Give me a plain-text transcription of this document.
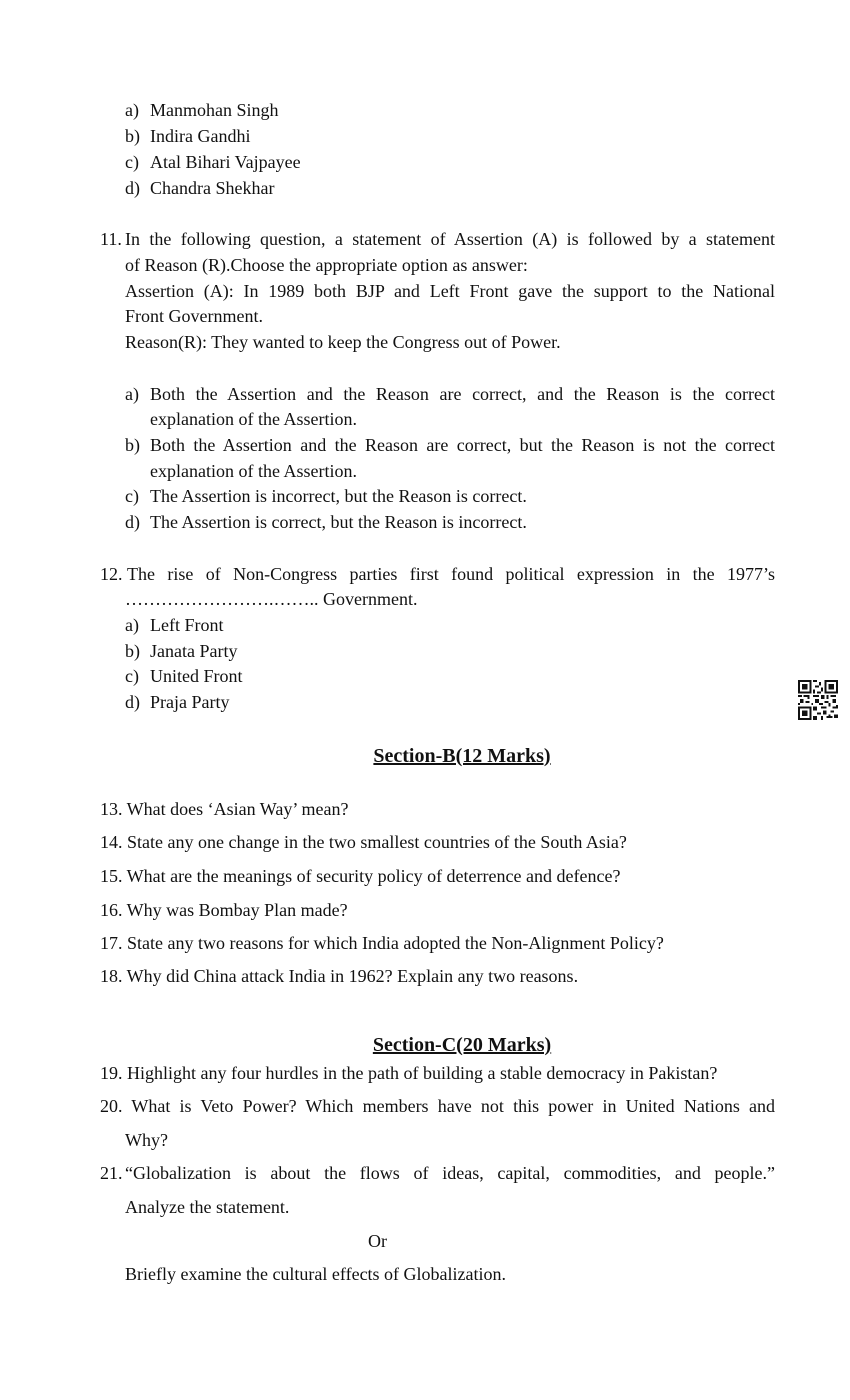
a) Manmohan Singh
b) Indira Gandhi
c) Atal Bihari Vajpayee
d) Chandra Shekhar
11. In the following question, a statement of Assertion (A) is followed by a statement
of Reason (R).Choose the appropriate option as answer:
Assertion (A): In 1989 both BJP and Left Front gave the support to the National
Front Government.
Reason(R): They wanted to keep the Congress out of Power.
a) Both the Assertion and the Reason are correct, and the Reason is the correct
explanation of the Assertion.
b) Both the Assertion and the Reason are correct, but the Reason is not the correct
explanation of the Assertion.
c) The Assertion is incorrect, but the Reason is correct.
d) The Assertion is correct, but the Reason is incorrect.
12. The rise of Non-Congress parties first found political expression in the 1977’s
…………………….…….. Government.
a) Left Front
b) Janata Party
c) United Front
d) Praja Party
Section-B(12 Marks)
13. What does ‘Asian Way’ mean?
14. State any one change in the two smallest countries of the South Asia?
15. What are the meanings of security policy of deterrence and defence?
16. Why was Bombay Plan made?
17. State any two reasons for which India adopted the Non-Alignment Policy?
18. Why did China attack India in 1962? Explain any two reasons.
Section-C(20 Marks)
19. Highlight any four hurdles in the path of building a stable democracy in Pakistan?
20. What is Veto Power? Which members have not this power in United Nations and
Why?
21. “Globalization is about the flows of ideas, capital, commodities, and people.”
Analyze the statement.
Or
Briefly examine the cultural effects of Globalization.
